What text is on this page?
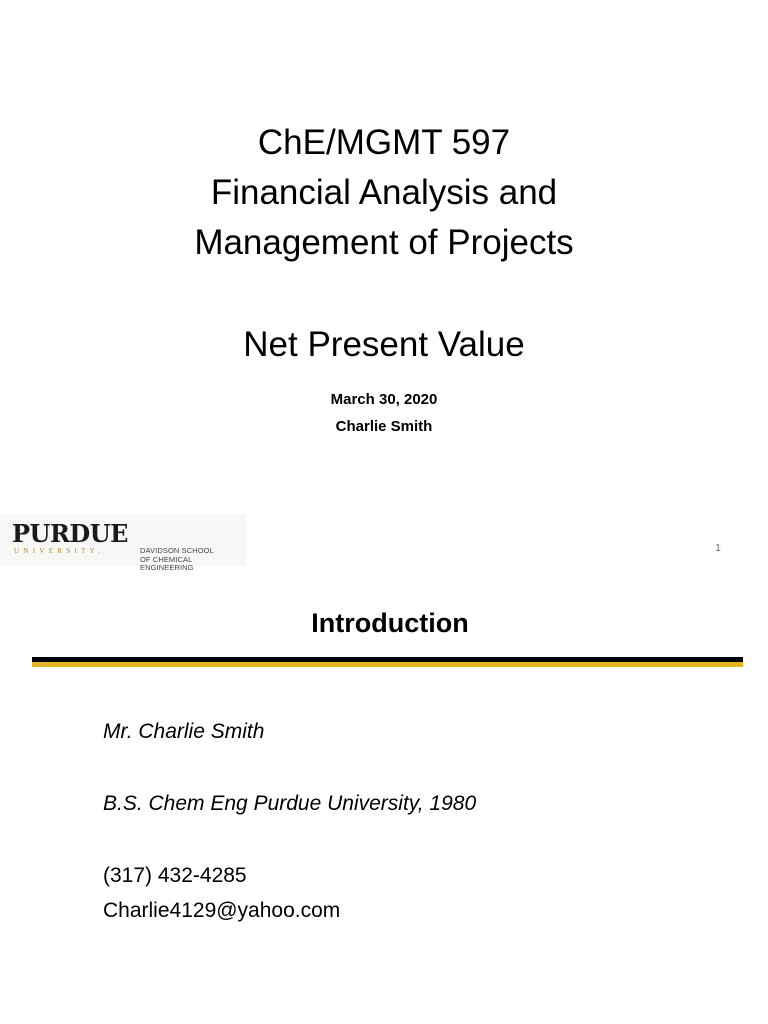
ChE/MGMT 597
Financial Analysis and
Management of Projects
Net Present Value
March 30, 2020
Charlie Smith
PURDUE
UNIVERSITY.	DAVIDSON SCHOOL
OF CHEMICAL ENGINEERING
1
Introduction
Mr. Charlie Smith
B.S. Chem Eng Purdue University, 1980
(317) 432-4285
Charlie4129@yahoo.com
